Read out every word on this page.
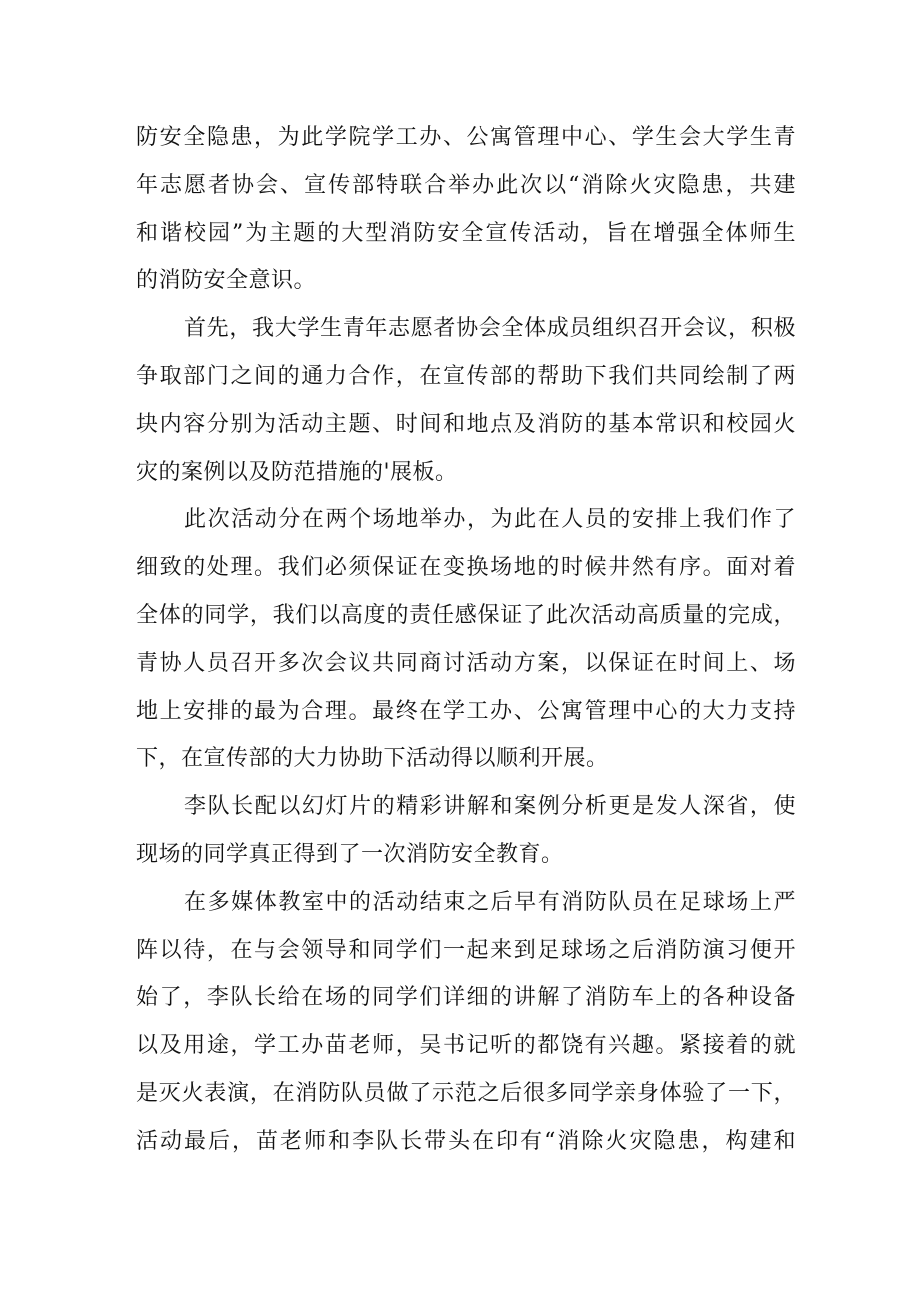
防安全隐患，为此学院学工办、公寓管理中心、学生会大学生青
年志愿者协会、宣传部特联合举办此次以“消除火灾隐患，共建
和谐校园”为主题的大型消防安全宣传活动，旨在增强全体师生
的消防安全意识。
首先，我大学生青年志愿者协会全体成员组织召开会议，积极
争取部门之间的通力合作，在宣传部的帮助下我们共同绘制了两
块内容分别为活动主题、时间和地点及消防的基本常识和校园火
灾的案例以及防范措施的'展板。
此次活动分在两个场地举办，为此在人员的安排上我们作了
细致的处理。我们必须保证在变换场地的时候井然有序。面对着
全体的同学，我们以高度的责任感保证了此次活动高质量的完成，
青协人员召开多次会议共同商讨活动方案，以保证在时间上、场
地上安排的最为合理。最终在学工办、公寓管理中心的大力支持
下，在宣传部的大力协助下活动得以顺利开展。
李队长配以幻灯片的精彩讲解和案例分析更是发人深省，使
现场的同学真正得到了一次消防安全教育。
在多媒体教室中的活动结束之后早有消防队员在足球场上严
阵以待，在与会领导和同学们一起来到足球场之后消防演习便开
始了，李队长给在场的同学们详细的讲解了消防车上的各种设备
以及用途，学工办苗老师，吴书记听的都饶有兴趣。紧接着的就
是灭火表演，在消防队员做了示范之后很多同学亲身体验了一下，
活动最后，苗老师和李队长带头在印有“消除火灾隐患，构建和
